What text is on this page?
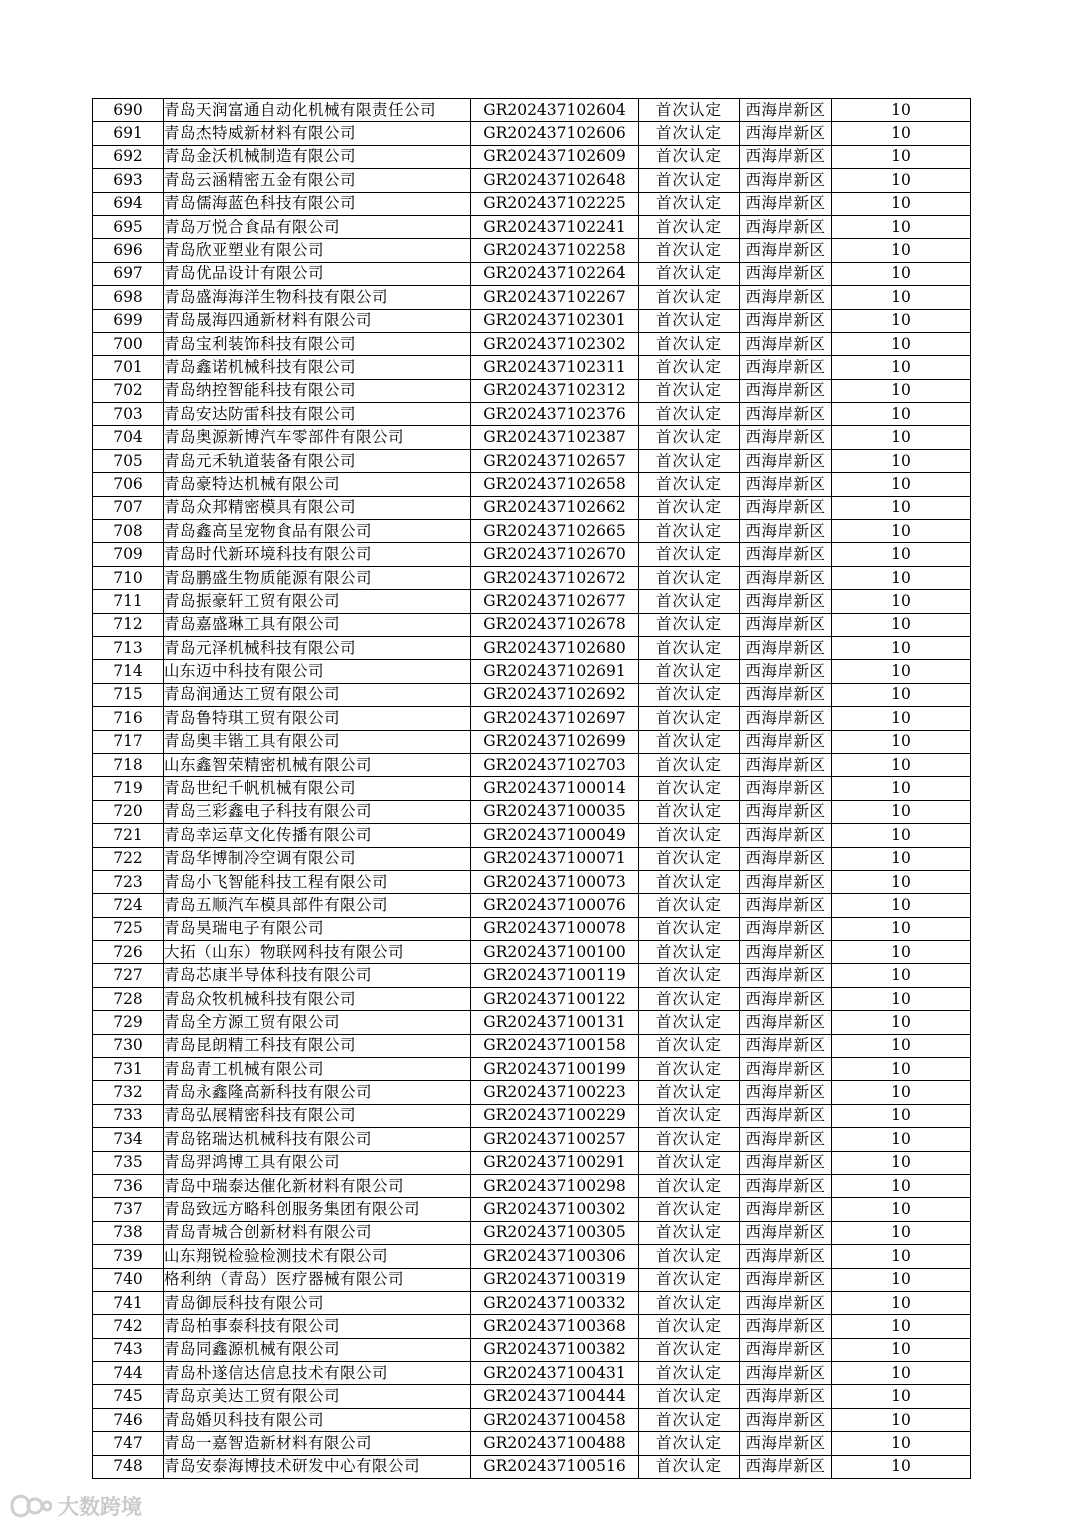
690	青岛天润富通自动化机械有限责任公司	GR202437102604	首次认定	西海岸新区	10
691	青岛杰特威新材料有限公司	GR202437102606	首次认定	西海岸新区	10
692	青岛金沃机械制造有限公司	GR202437102609	首次认定	西海岸新区	10
693	青岛云涵精密五金有限公司	GR202437102648	首次认定	西海岸新区	10
694	青岛儒海蓝色科技有限公司	GR202437102225	首次认定	西海岸新区	10
695	青岛万悦合食品有限公司	GR202437102241	首次认定	西海岸新区	10
696	青岛欣亚塑业有限公司	GR202437102258	首次认定	西海岸新区	10
697	青岛优品设计有限公司	GR202437102264	首次认定	西海岸新区	10
698	青岛盛海海洋生物科技有限公司	GR202437102267	首次认定	西海岸新区	10
699	青岛晟海四通新材料有限公司	GR202437102301	首次认定	西海岸新区	10
700	青岛宝利装饰科技有限公司	GR202437102302	首次认定	西海岸新区	10
701	青岛鑫诺机械科技有限公司	GR202437102311	首次认定	西海岸新区	10
702	青岛纳控智能科技有限公司	GR202437102312	首次认定	西海岸新区	10
703	青岛安达防雷科技有限公司	GR202437102376	首次认定	西海岸新区	10
704	青岛奥源新博汽车零部件有限公司	GR202437102387	首次认定	西海岸新区	10
705	青岛元禾轨道装备有限公司	GR202437102657	首次认定	西海岸新区	10
706	青岛豪特达机械有限公司	GR202437102658	首次认定	西海岸新区	10
707	青岛众邦精密模具有限公司	GR202437102662	首次认定	西海岸新区	10
708	青岛鑫高呈宠物食品有限公司	GR202437102665	首次认定	西海岸新区	10
709	青岛时代新环境科技有限公司	GR202437102670	首次认定	西海岸新区	10
710	青岛鹏盛生物质能源有限公司	GR202437102672	首次认定	西海岸新区	10
711	青岛振豪轩工贸有限公司	GR202437102677	首次认定	西海岸新区	10
712	青岛嘉盛琳工具有限公司	GR202437102678	首次认定	西海岸新区	10
713	青岛元泽机械科技有限公司	GR202437102680	首次认定	西海岸新区	10
714	山东迈中科技有限公司	GR202437102691	首次认定	西海岸新区	10
715	青岛润通达工贸有限公司	GR202437102692	首次认定	西海岸新区	10
716	青岛鲁特琪工贸有限公司	GR202437102697	首次认定	西海岸新区	10
717	青岛奥丰锴工具有限公司	GR202437102699	首次认定	西海岸新区	10
718	山东鑫智荣精密机械有限公司	GR202437102703	首次认定	西海岸新区	10
719	青岛世纪千帆机械有限公司	GR202437100014	首次认定	西海岸新区	10
720	青岛三彩鑫电子科技有限公司	GR202437100035	首次认定	西海岸新区	10
721	青岛幸运草文化传播有限公司	GR202437100049	首次认定	西海岸新区	10
722	青岛华博制冷空调有限公司	GR202437100071	首次认定	西海岸新区	10
723	青岛小飞智能科技工程有限公司	GR202437100073	首次认定	西海岸新区	10
724	青岛五顺汽车模具部件有限公司	GR202437100076	首次认定	西海岸新区	10
725	青岛昊瑞电子有限公司	GR202437100078	首次认定	西海岸新区	10
726	大拓（山东）物联网科技有限公司	GR202437100100	首次认定	西海岸新区	10
727	青岛芯康半导体科技有限公司	GR202437100119	首次认定	西海岸新区	10
728	青岛众牧机械科技有限公司	GR202437100122	首次认定	西海岸新区	10
729	青岛全方源工贸有限公司	GR202437100131	首次认定	西海岸新区	10
730	青岛昆朗精工科技有限公司	GR202437100158	首次认定	西海岸新区	10
731	青岛青工机械有限公司	GR202437100199	首次认定	西海岸新区	10
732	青岛永鑫隆高新科技有限公司	GR202437100223	首次认定	西海岸新区	10
733	青岛弘展精密科技有限公司	GR202437100229	首次认定	西海岸新区	10
734	青岛铭瑞达机械科技有限公司	GR202437100257	首次认定	西海岸新区	10
735	青岛羿鸿博工具有限公司	GR202437100291	首次认定	西海岸新区	10
736	青岛中瑞泰达催化新材料有限公司	GR202437100298	首次认定	西海岸新区	10
737	青岛致远方略科创服务集团有限公司	GR202437100302	首次认定	西海岸新区	10
738	青岛青城合创新材料有限公司	GR202437100305	首次认定	西海岸新区	10
739	山东翔锐检验检测技术有限公司	GR202437100306	首次认定	西海岸新区	10
740	格利纳（青岛）医疗器械有限公司	GR202437100319	首次认定	西海岸新区	10
741	青岛御辰科技有限公司	GR202437100332	首次认定	西海岸新区	10
742	青岛柏事泰科技有限公司	GR202437100368	首次认定	西海岸新区	10
743	青岛同鑫源机械有限公司	GR202437100382	首次认定	西海岸新区	10
744	青岛朴遂信达信息技术有限公司	GR202437100431	首次认定	西海岸新区	10
745	青岛京美达工贸有限公司	GR202437100444	首次认定	西海岸新区	10
746	青岛婚贝科技有限公司	GR202437100458	首次认定	西海岸新区	10
747	青岛一嘉智造新材料有限公司	GR202437100488	首次认定	西海岸新区	10
748	青岛安泰海博技术研发中心有限公司	GR202437100516	首次认定	西海岸新区	10
大数跨境
